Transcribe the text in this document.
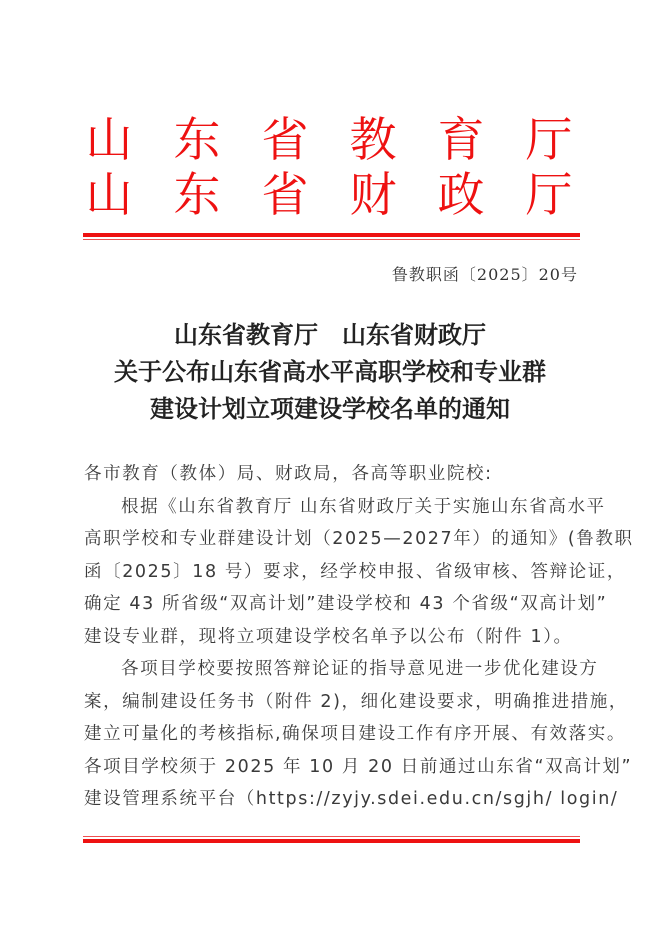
山 东 省 教 育 厅
山 东 省 财 政 厅
鲁教职函〔2025〕20号
山东省教育厅　山东省财政厅
关于公布山东省高水平高职学校和专业群
建设计划立项建设学校名单的通知
各市教育（教体）局、财政局，各高等职业院校:
根据《山东省教育厅 山东省财政厅关于实施山东省高水平
高职学校和专业群建设计划（2025—2027年）的通知》(鲁教职
函〔2025〕18 号）要求，经学校申报、省级审核、答辩论证，
确定 43 所省级“双高计划”建设学校和 43 个省级“双高计划”
建设专业群，现将立项建设学校名单予以公布（附件 1）。
各项目学校要按照答辩论证的指导意见进一步优化建设方
案，编制建设任务书（附件 2)，细化建设要求，明确推进措施，
建立可量化的考核指标,确保项目建设工作有序开展、有效落实。
各项目学校须于 2025 年 10 月 20 日前通过山东省“双高计划”
建设管理系统平台（https://zyjy.sdei.edu.cn/sgjh/ login/
